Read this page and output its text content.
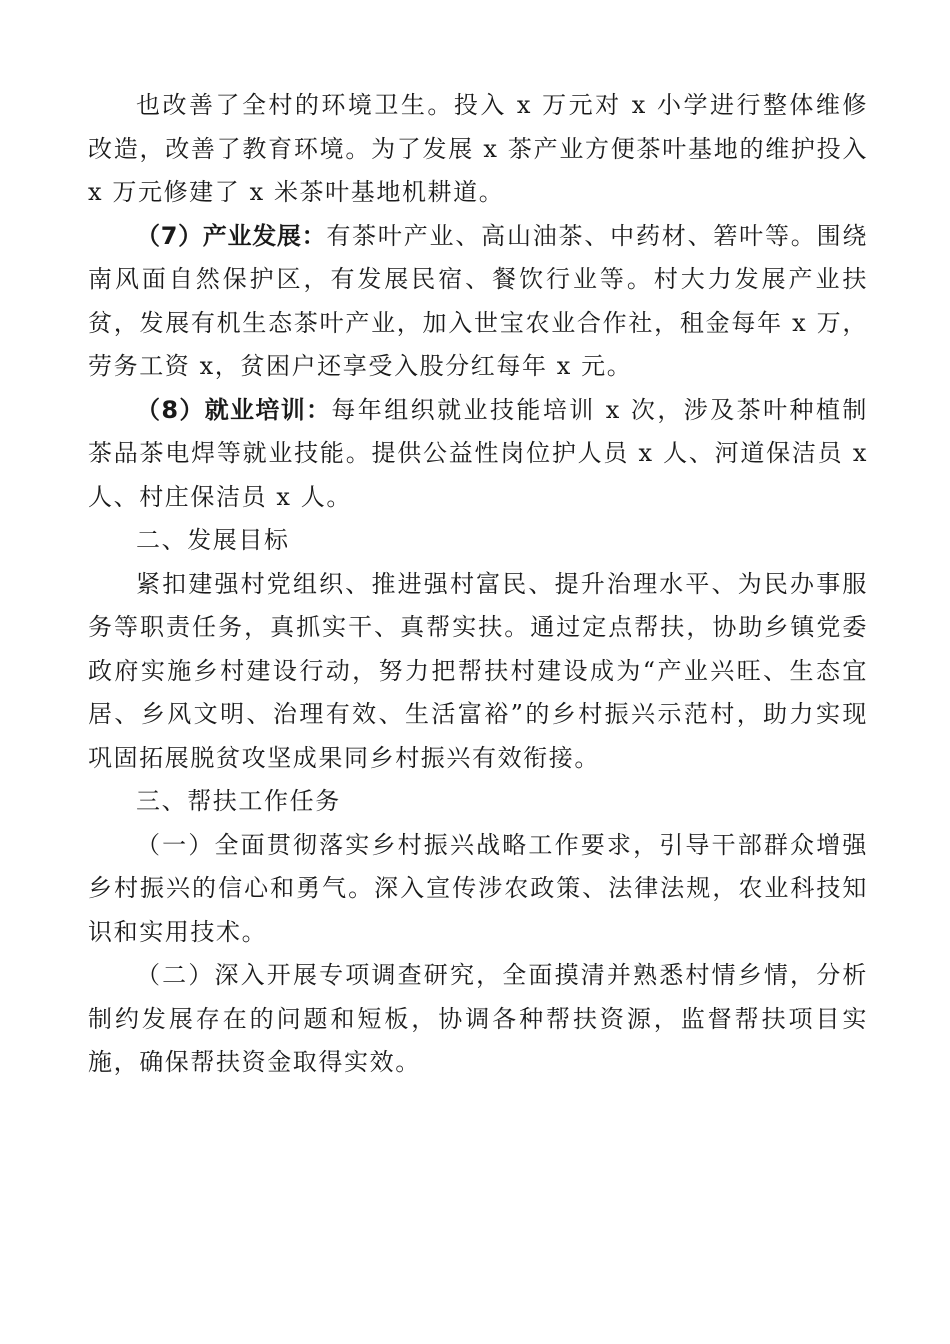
也改善了全村的环境卫生。投入 x 万元对 x 小学进行整体维修改造，改善了教育环境。为了发展 x 茶产业方便茶叶基地的维护投入 x 万元修建了 x 米茶叶基地机耕道。

（7）产业发展：有茶叶产业、高山油茶、中药材、箬叶等。围绕南风面自然保护区，有发展民宿、餐饮行业等。村大力发展产业扶贫，发展有机生态茶叶产业，加入世宝农业合作社，租金每年 x 万，劳务工资 x，贫困户还享受入股分红每年 x 元。

（8）就业培训：每年组织就业技能培训 x 次，涉及茶叶种植制茶品茶电焊等就业技能。提供公益性岗位护人员 x 人、河道保洁员 x 人、村庄保洁员 x 人。

二、发展目标

紧扣建强村党组织、推进强村富民、提升治理水平、为民办事服务等职责任务，真抓实干、真帮实扶。通过定点帮扶，协助乡镇党委政府实施乡村建设行动，努力把帮扶村建设成为“产业兴旺、生态宜居、乡风文明、治理有效、生活富裕”的乡村振兴示范村，助力实现巩固拓展脱贫攻坚成果同乡村振兴有效衔接。

三、帮扶工作任务

（一）全面贯彻落实乡村振兴战略工作要求，引导干部群众增强乡村振兴的信心和勇气。深入宣传涉农政策、法律法规，农业科技知识和实用技术。

（二）深入开展专项调查研究，全面摸清并熟悉村情乡情，分析制约发展存在的问题和短板，协调各种帮扶资源，监督帮扶项目实施，确保帮扶资金取得实效。
